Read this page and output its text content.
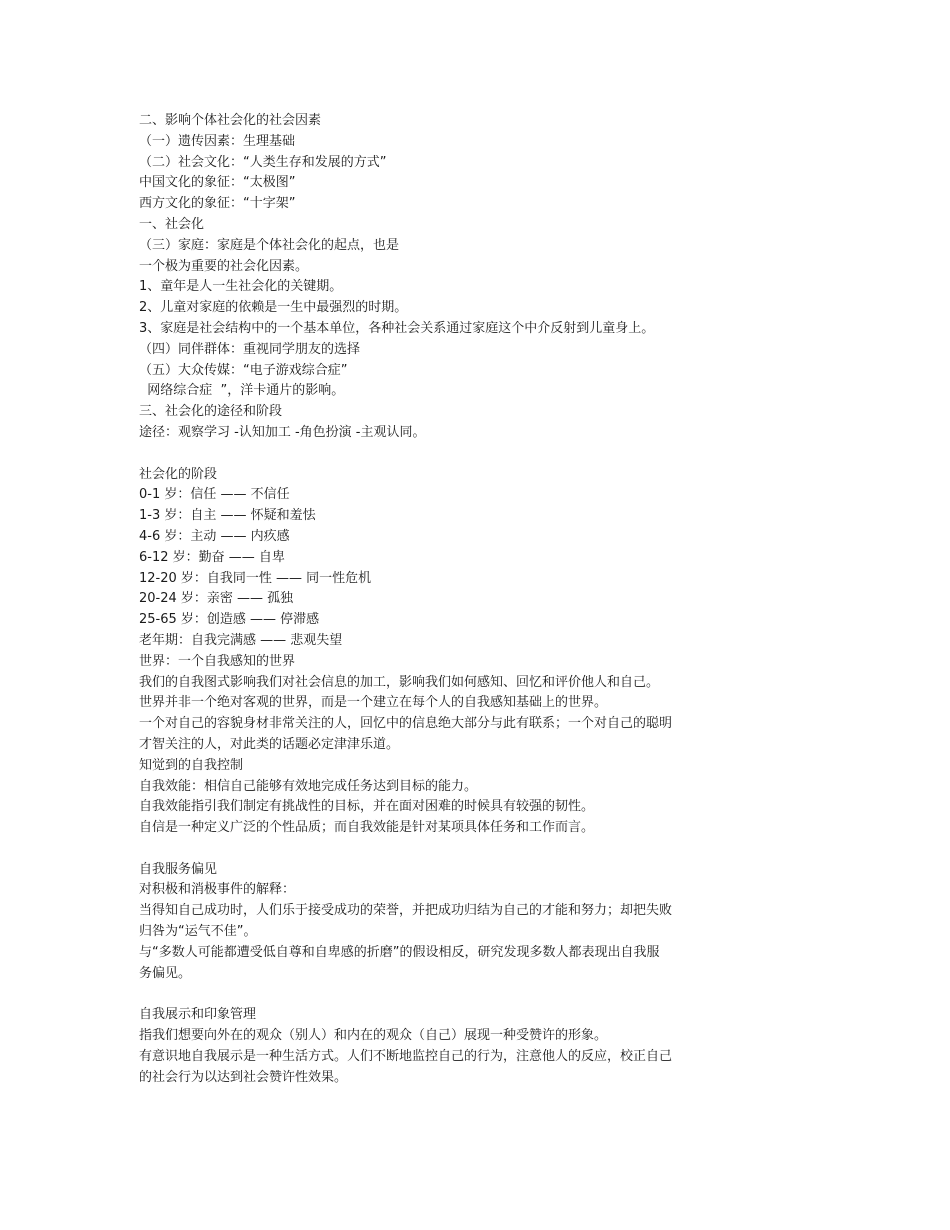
二、影响个体社会化的社会因素
（一）遗传因素：生理基础
（二）社会文化：“人类生存和发展的方式”
中国文化的象征：“太极图”
西方文化的象征：“十字架”
一、社会化
（三）家庭：家庭是个体社会化的起点，也是
一个极为重要的社会化因素。
1、童年是人一生社会化的关键期。
2、儿童对家庭的依赖是一生中最强烈的时期。
3、家庭是社会结构中的一个基本单位，各种社会关系通过家庭这个中介反射到儿童身上。
（四）同伴群体：重视同学朋友的选择
（五）大众传媒：“电子游戏综合症”
网络综合症  ”，洋卡通片的影响。
三、社会化的途径和阶段
途径：观察学习 -认知加工 -角色扮演 -主观认同。
社会化的阶段
0-1 岁：信任 —— 不信任
1-3 岁：自主 —— 怀疑和羞怯
4-6 岁：主动 —— 内疚感
6-12 岁：勤奋 —— 自卑
12-20 岁：自我同一性 —— 同一性危机
20-24 岁：亲密 —— 孤独
25-65 岁：创造感 —— 停滞感
老年期：自我完满感 —— 悲观失望
世界：一个自我感知的世界
我们的自我图式影响我们对社会信息的加工，影响我们如何感知、回忆和评价他人和自己。
世界并非一个绝对客观的世界，而是一个建立在每个人的自我感知基础上的世界。
一个对自己的容貌身材非常关注的人，回忆中的信息绝大部分与此有联系；一个对自己的聪明
才智关注的人，对此类的话题必定津津乐道。
知觉到的自我控制
自我效能：相信自己能够有效地完成任务达到目标的能力。
自我效能指引我们制定有挑战性的目标，并在面对困难的时候具有较强的韧性。
自信是一种定义广泛的个性品质；而自我效能是针对某项具体任务和工作而言。
自我服务偏见
对积极和消极事件的解释：
当得知自己成功时，人们乐于接受成功的荣誉，并把成功归结为自己的才能和努力；却把失败
归咎为“运气不佳”。
与“多数人可能都遭受低自尊和自卑感的折磨”的假设相反，研究发现多数人都表现出自我服
务偏见。
自我展示和印象管理
指我们想要向外在的观众（别人）和内在的观众（自己）展现一种受赞许的形象。
有意识地自我展示是一种生活方式。人们不断地监控自己的行为，注意他人的反应，校正自己
的社会行为以达到社会赞许性效果。
